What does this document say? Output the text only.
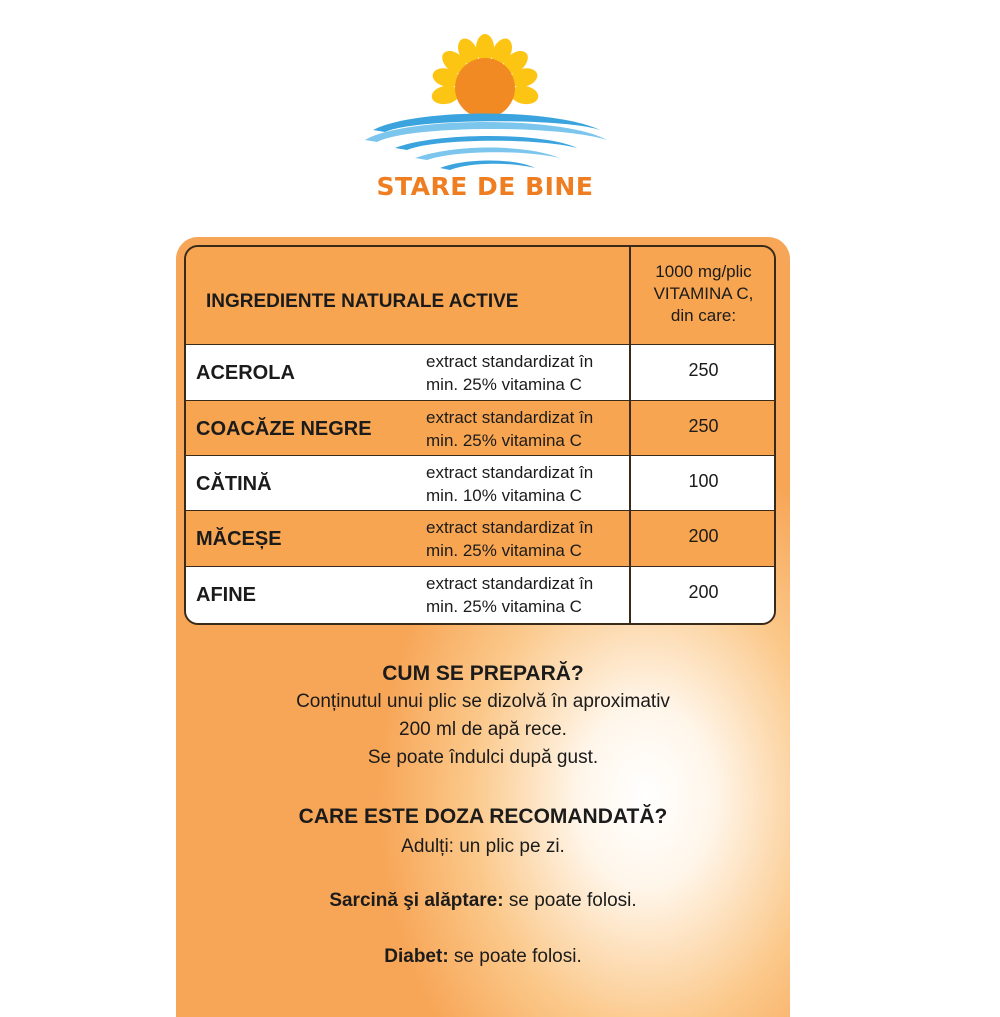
STARE DE BINE
INGREDIENTE NATURALE ACTIVE
1000 mg/plic
VITAMINA C,
din care:
ACEROLA
extract standardizat în
min. 25% vitamina C
250
COACĂZE NEGRE
extract standardizat în
min. 25% vitamina C
250
CĂTINĂ
extract standardizat în
min. 10% vitamina C
100
MĂCEȘE
extract standardizat în
min. 25% vitamina C
200
AFINE
extract standardizat în
min. 25% vitamina C
200
CUM SE PREPARĂ?
Conținutul unui plic se dizolvă în aproximativ
200 ml de apă rece.
Se poate îndulci după gust.
CARE ESTE DOZA RECOMANDATĂ?
Adulți: un plic pe zi.
Sarcină şi alăptare: se poate folosi.
Diabet: se poate folosi.
